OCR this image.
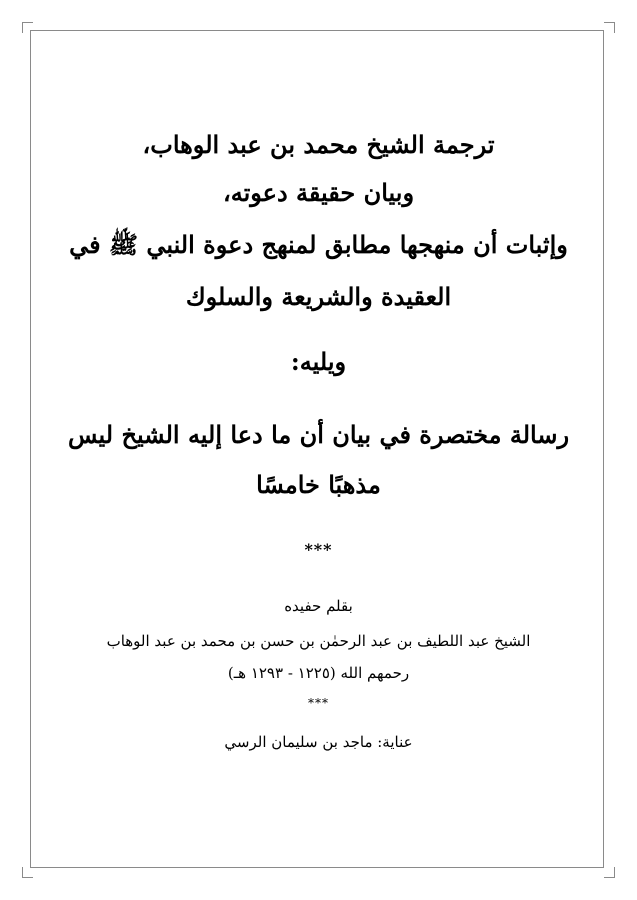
ترجمة الشيخ محمد بن عبد الوهاب،
وبيان حقيقة دعوته،
وإثبات أن منهجها مطابق لمنهج دعوة النبي ﷺ في
العقيدة والشريعة والسلوك
ويليه:
رسالة مختصرة في بيان أن ما دعا إليه الشيخ ليس
مذهبًا خامسًا
***
بقلم حفيده
الشيخ عبد اللطيف بن عبد الرحمٰن بن حسن بن محمد بن عبد الوهاب
رحمهم الله (١٢٢٥ - ١٢٩٣ هـ)
***
عناية: ماجد بن سليمان الرسي
